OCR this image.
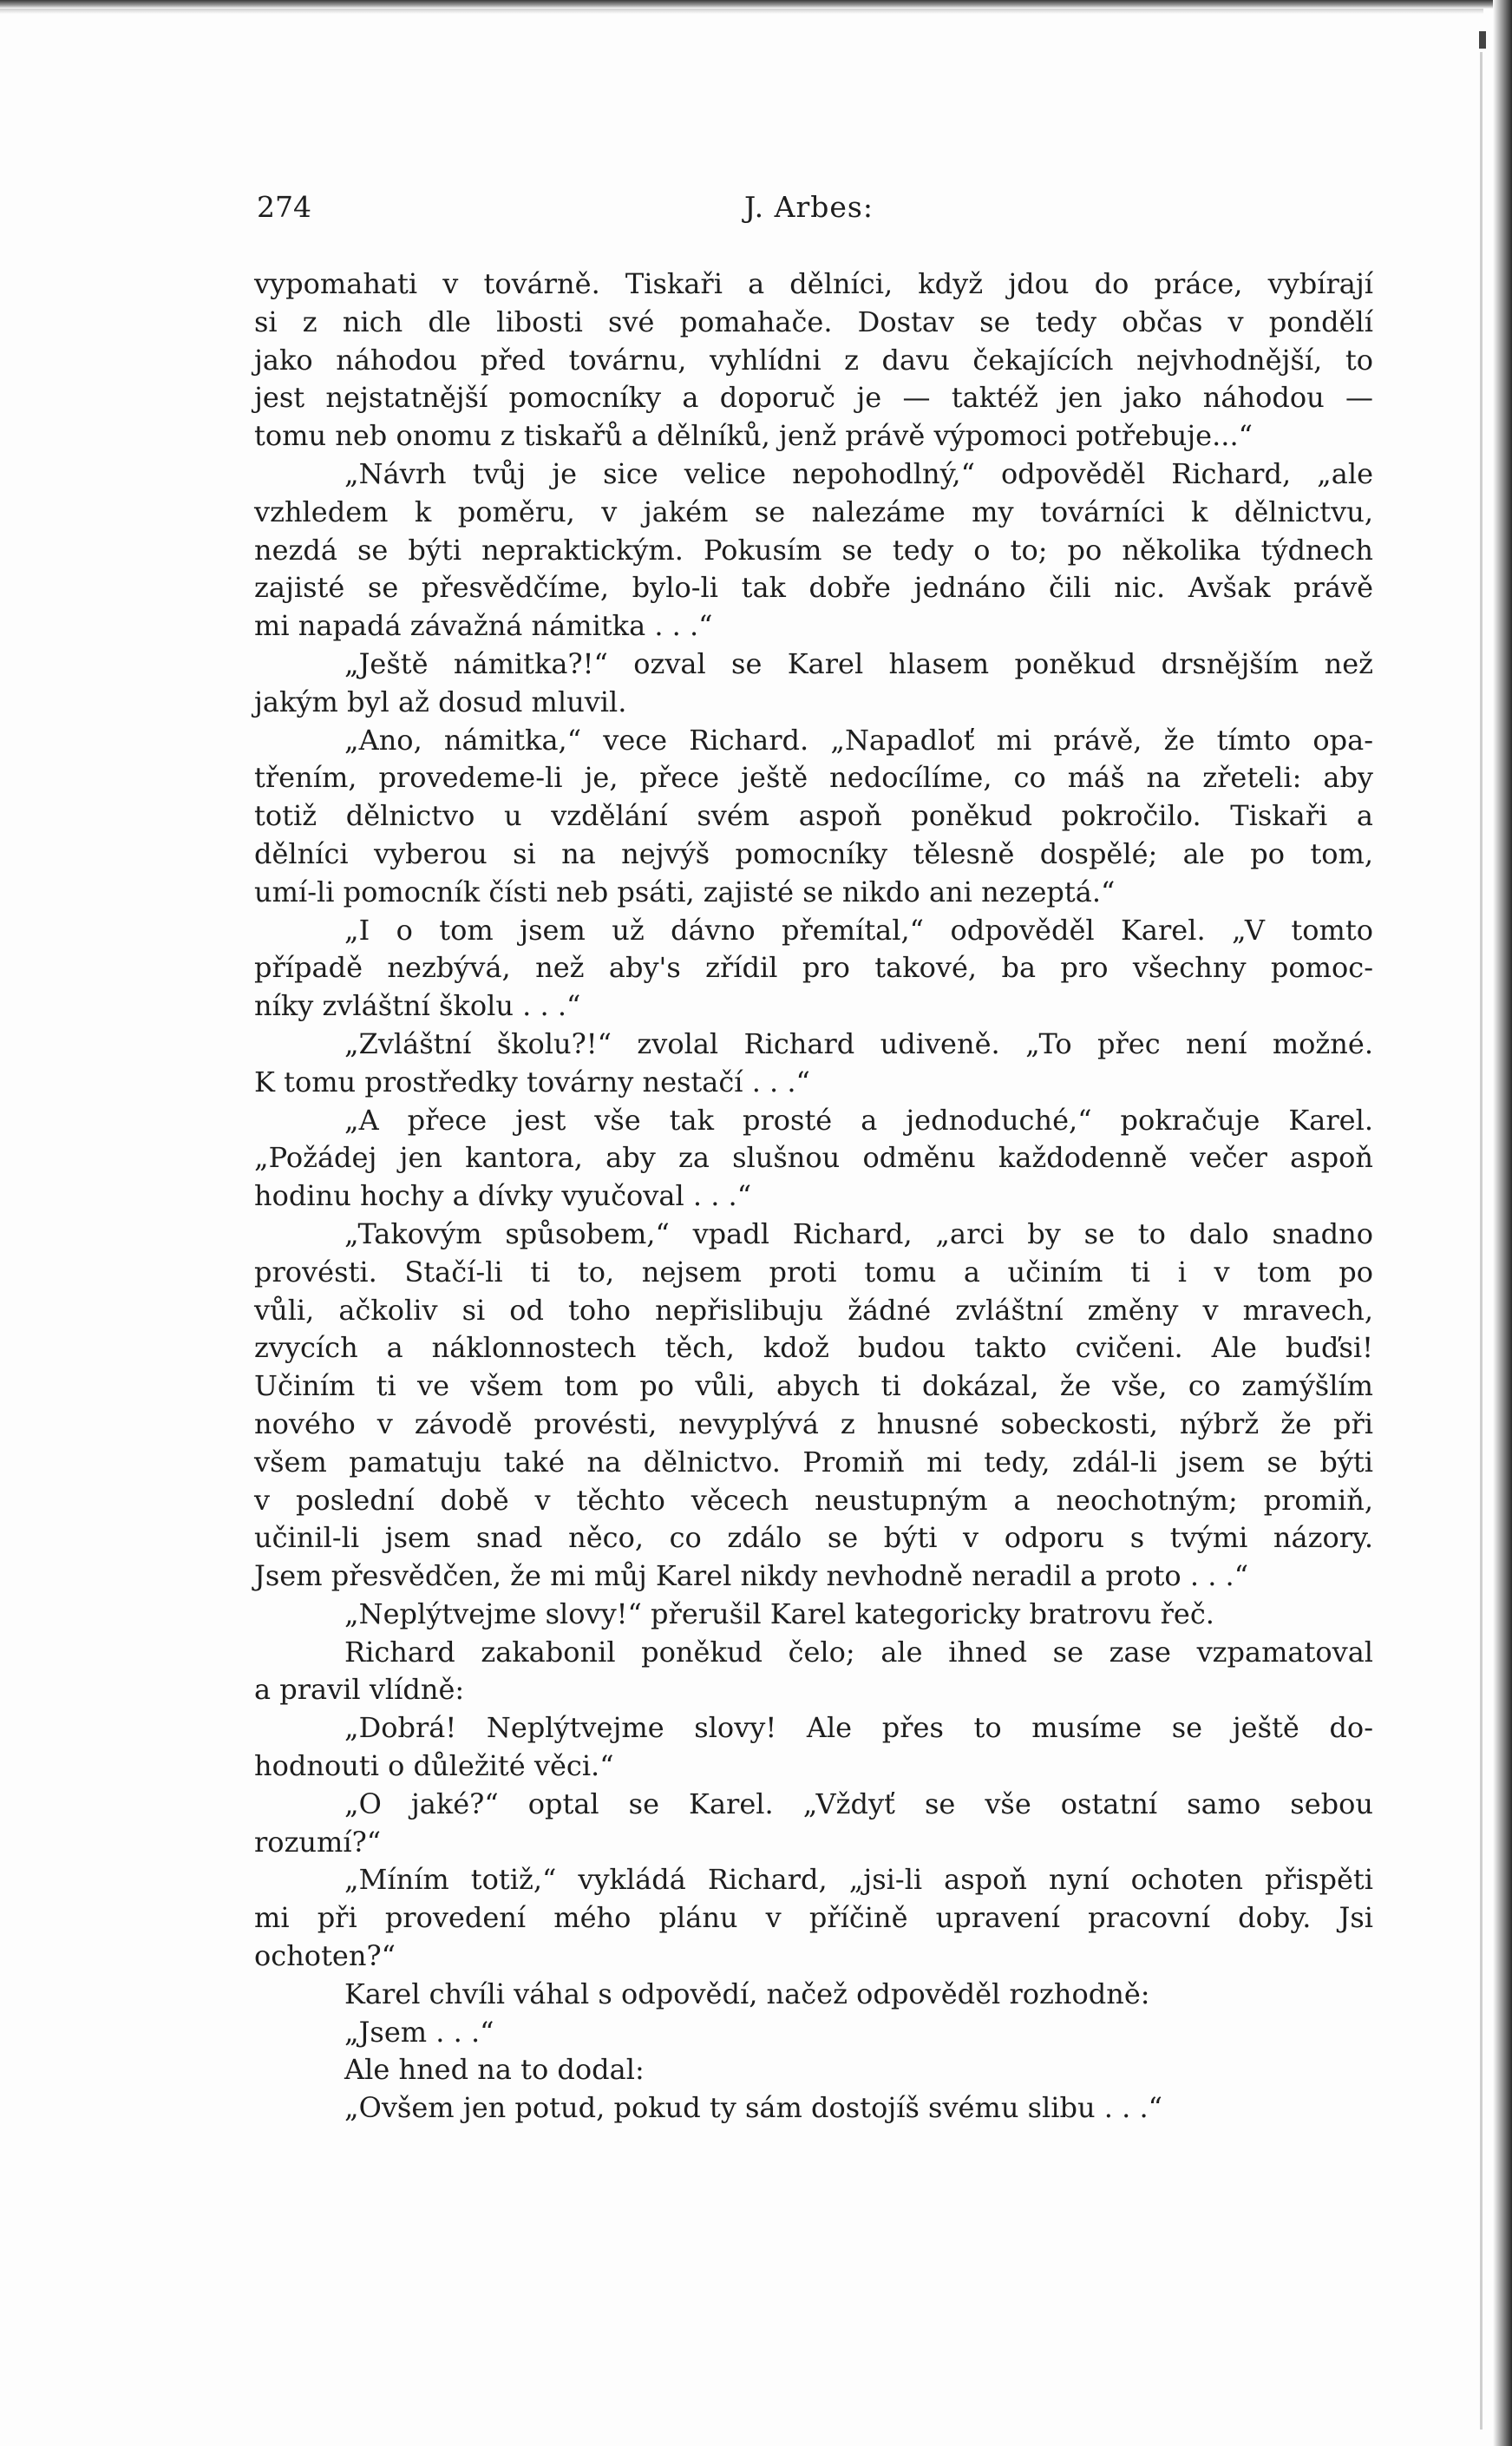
274	J. Arbes:
vypomahati v továrně. Tiskaři a dělníci, když jdou do práce, vybírají
si z nich dle libosti své pomahače. Dostav se tedy občas v pondělí
jako náhodou před továrnu, vyhlídni z davu čekajících nejvhodnější, to
jest nejstatnější pomocníky a doporuč je — taktéž jen jako náhodou —
tomu neb onomu z tiskařů a dělníků, jenž právě výpomoci potřebuje...“
„Návrh tvůj je sice velice nepohodlný,“ odpověděl Richard, „ale
vzhledem k poměru, v jakém se nalezáme my továrníci k dělnictvu,
nezdá se býti nepraktickým. Pokusím se tedy o to; po několika týdnech
zajisté se přesvědčíme, bylo-li tak dobře jednáno čili nic. Avšak právě
mi napadá závažná námitka . . .“
„Ještě námitka?!“ ozval se Karel hlasem poněkud drsnějším než
jakým byl až dosud mluvil.
„Ano, námitka,“ vece Richard. „Napadloť mi právě, že tímto opa-
třením, provedeme-li je, přece ještě nedocílíme, co máš na zřeteli: aby
totiž dělnictvo u vzdělání svém aspoň poněkud pokročilo. Tiskaři a
dělníci vyberou si na nejvýš pomocníky tělesně dospělé; ale po tom,
umí-li pomocník čísti neb psáti, zajisté se nikdo ani nezeptá.“
„I o tom jsem už dávno přemítal,“ odpověděl Karel. „V tomto
případě nezbývá, než aby's zřídil pro takové, ba pro všechny pomoc-
níky zvláštní školu . . .“
„Zvláštní školu?!“ zvolal Richard udiveně. „To přec není možné.
K tomu prostředky továrny nestačí . . .“
„A přece jest vše tak prosté a jednoduché,“ pokračuje Karel.
„Požádej jen kantora, aby za slušnou odměnu každodenně večer aspoň
hodinu hochy a dívky vyučoval . . .“
„Takovým spůsobem,“ vpadl Richard, „arci by se to dalo snadno
provésti. Stačí-li ti to, nejsem proti tomu a učiním ti i v tom po
vůli, ačkoliv si od toho nepřislibuju žádné zvláštní změny v mravech,
zvycích a náklonnostech těch, kdož budou takto cvičeni. Ale buďsi!
Učiním ti ve všem tom po vůli, abych ti dokázal, že vše, co zamýšlím
nového v závodě provésti, nevyplývá z hnusné sobeckosti, nýbrž že při
všem pamatuju také na dělnictvo. Promiň mi tedy, zdál-li jsem se býti
v poslední době v těchto věcech neustupným a neochotným; promiň,
učinil-li jsem snad něco, co zdálo se býti v odporu s tvými názory.
Jsem přesvědčen, že mi můj Karel nikdy nevhodně neradil a proto . . .“
„Neplýtvejme slovy!“ přerušil Karel kategoricky bratrovu řeč.
Richard zakabonil poněkud čelo; ale ihned se zase vzpamatoval
a pravil vlídně:
„Dobrá! Neplýtvejme slovy! Ale přes to musíme se ještě do-
hodnouti o důležité věci.“
„O jaké?“ optal se Karel. „Vždyť se vše ostatní samo sebou
rozumí?“
„Míním totiž,“ vykládá Richard, „jsi-li aspoň nyní ochoten přispěti
mi při provedení mého plánu v příčině upravení pracovní doby. Jsi
ochoten?“
Karel chvíli váhal s odpovědí, načež odpověděl rozhodně:
„Jsem . . .“
Ale hned na to dodal:
„Ovšem jen potud, pokud ty sám dostojíš svému slibu . . .“
